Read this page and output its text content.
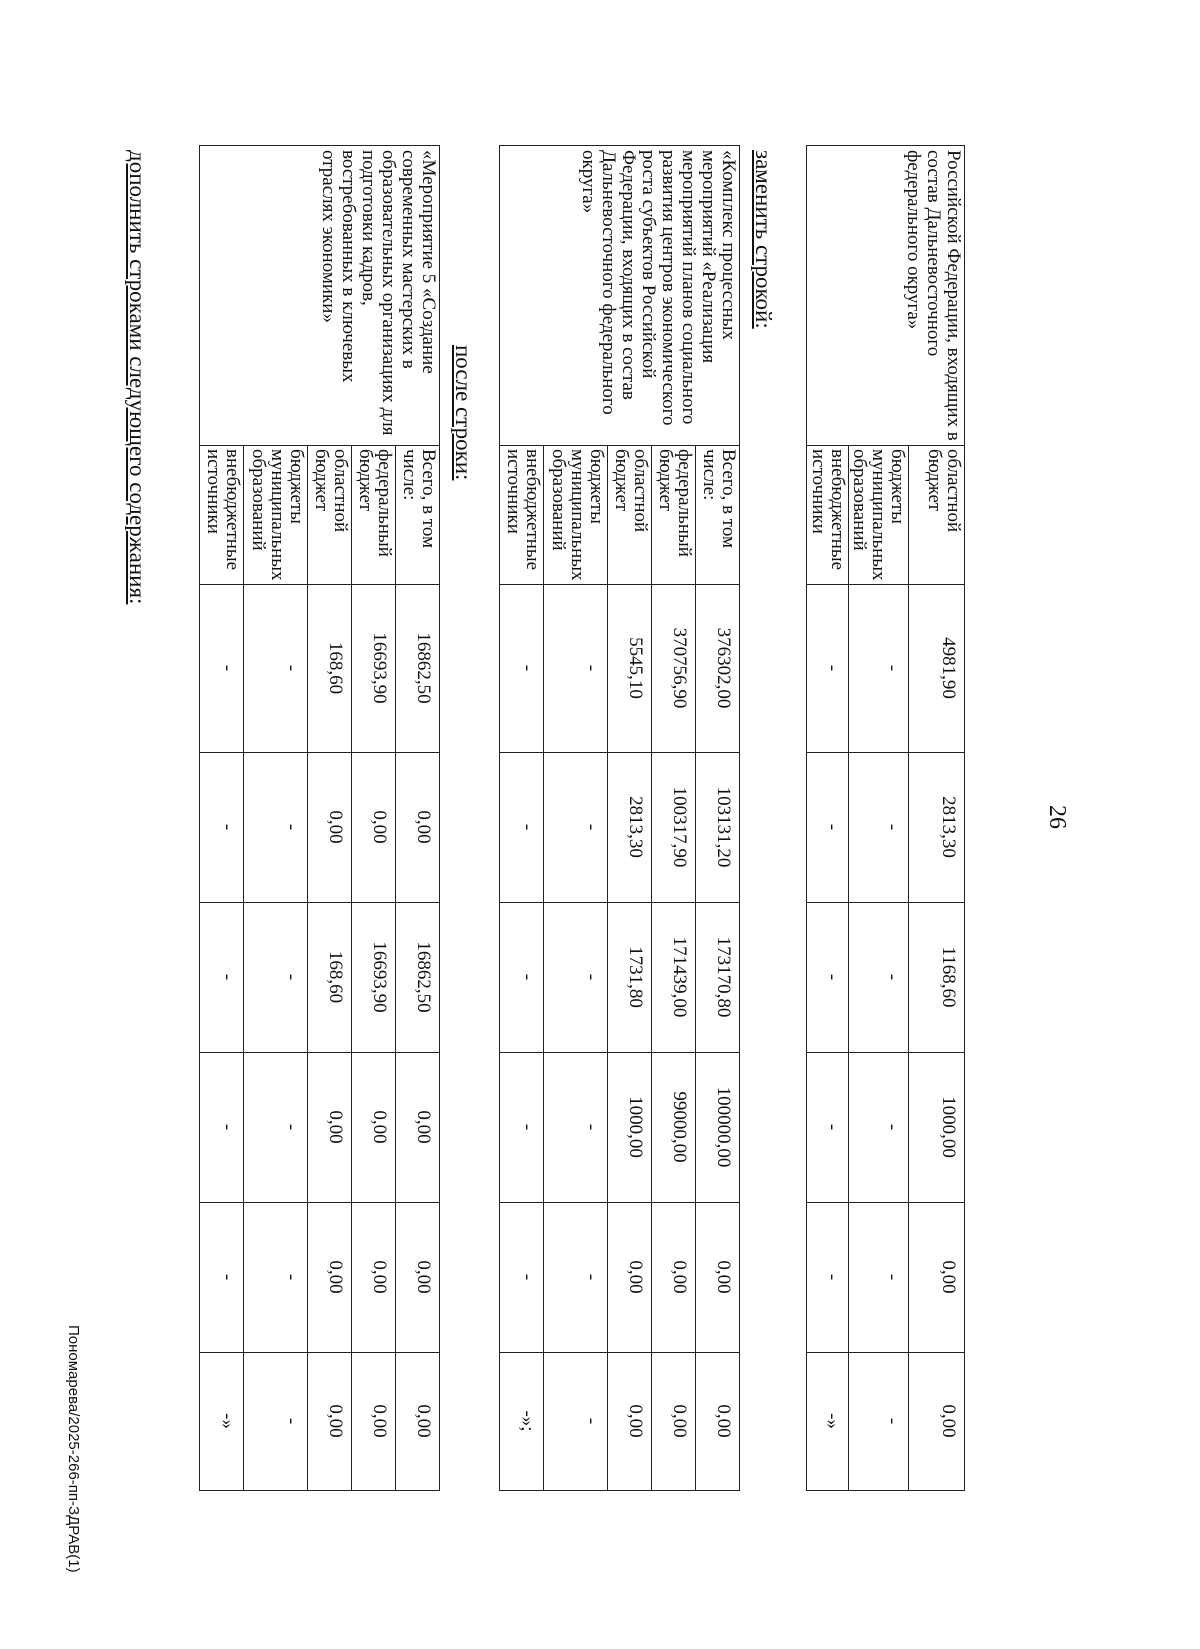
26
Российской Федерации, входящих в состав Дальневосточного федерального округа»	областной бюджет	4981,90	2813,30	1168,60	1000,00	0,00	0,00
	бюджеты муниципальных образований	-	-	-	-	-	-
	внебюджетные источники	-	-	-	-	-	-»
заменить строкой:
«Комплекс процессных мероприятий «Реализация мероприятий планов социального развития центров экономического роста субъектов Российской Федерации, входящих в состав Дальневосточного федерального округа»	Всего, в том числе:	376302,00	103131,20	173170,80	100000,00	0,00	0,00
	федеральный бюджет	370756,90	100317,90	171439,00	99000,00	0,00	0,00
	областной бюджет	5545,10	2813,30	1731,80	1000,00	0,00	0,00
	бюджеты муниципальных образований	-	-	-	-	-	-
	внебюджетные источники	-	-	-	-	-	-»;
после строки:
«Мероприятие 5 «Создание современных мастерских в образовательных организациях для подготовки кадров, востребованных в ключевых отраслях экономики»	Всего, в том числе:	16862,50	0,00	16862,50	0,00	0,00	0,00
	федеральный бюджет	16693,90	0,00	16693,90	0,00	0,00	0,00
	областной бюджет	168,60	0,00	168,60	0,00	0,00	0,00
	бюджеты муниципальных образований	-	-	-	-	-	-
	внебюджетные источники	-	-	-	-	-	-»
дополнить строками следующего содержания:
Пономарева/2025-266-пп-ЗДРАВ(1)
